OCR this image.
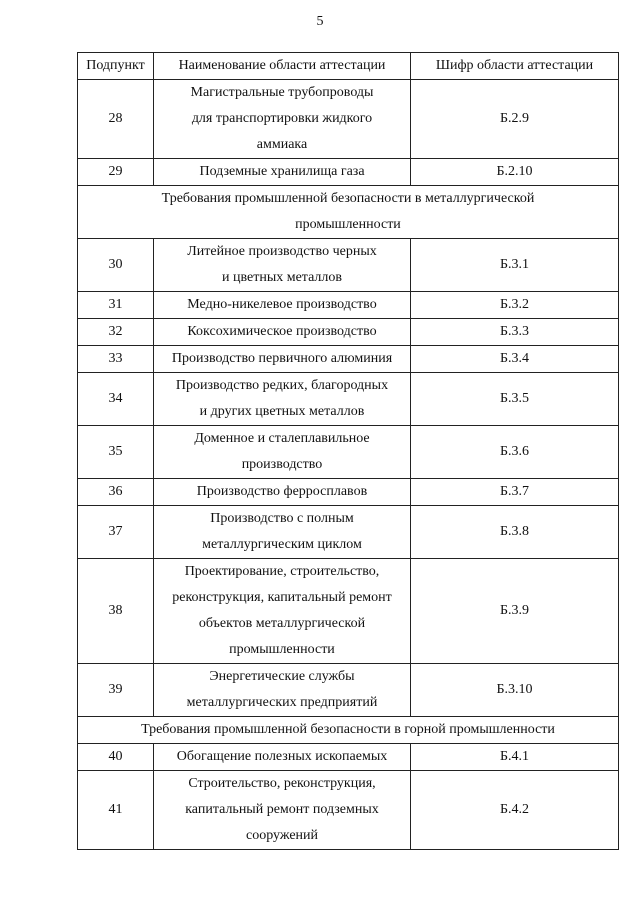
5
Подпункт	Наименование области аттестации	Шифр области аттестации
28	Магистральные трубопроводы
для транспортировки жидкого
аммиака	Б.2.9
29	Подземные хранилища газа	Б.2.10
Требования промышленной безопасности в металлургической
промышленности		
30	Литейное производство черных
и цветных металлов	Б.3.1
31	Медно-никелевое производство	Б.3.2
32	Коксохимическое производство	Б.3.3
33	Производство первичного алюминия	Б.3.4
34	Производство редких, благородных
и других цветных металлов	Б.3.5
35	Доменное и сталеплавильное
производство	Б.3.6
36	Производство ферросплавов	Б.3.7
37	Производство с полным
металлургическим циклом	Б.3.8
38	Проектирование, строительство,
реконструкция, капитальный ремонт
объектов металлургической
промышленности	Б.3.9
39	Энергетические службы
металлургических предприятий	Б.3.10
Требования промышленной безопасности в горной промышленности		
40	Обогащение полезных ископаемых	Б.4.1
41	Строительство, реконструкция,
капитальный ремонт подземных
сооружений	Б.4.2
